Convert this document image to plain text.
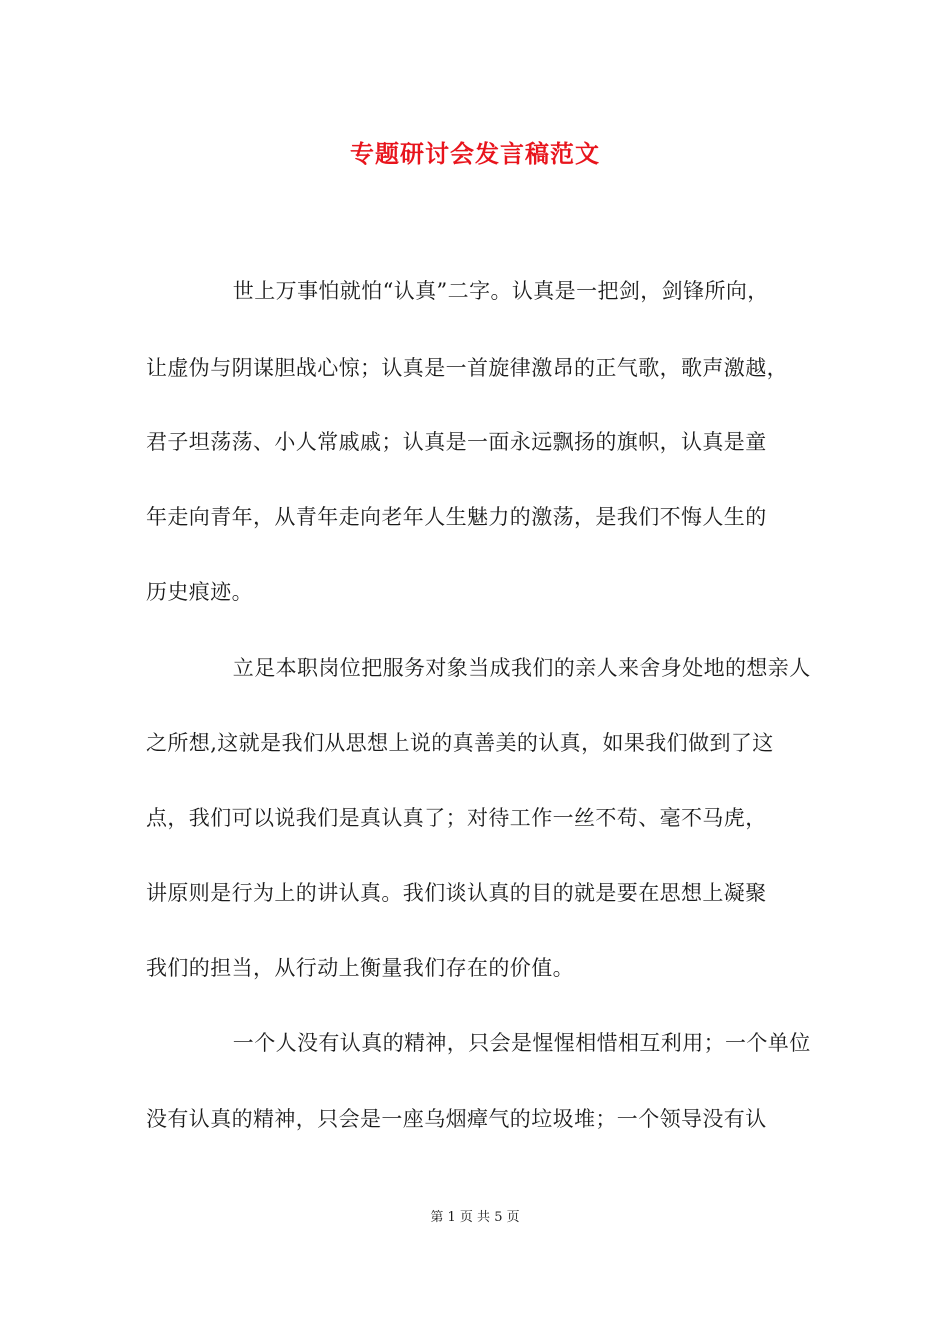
专题研讨会发言稿范文
　　世上万事怕就怕“认真”二字。认真是一把剑，剑锋所向，
让虚伪与阴谋胆战心惊；认真是一首旋律激昂的正气歌，歌声激越，
君子坦荡荡、小人常戚戚；认真是一面永远飘扬的旗帜，认真是童
年走向青年，从青年走向老年人生魅力的激荡，是我们不悔人生的
历史痕迹。
　　立足本职岗位把服务对象当成我们的亲人来舍身处地的想亲人
之所想,这就是我们从思想上说的真善美的认真，如果我们做到了这
点，我们可以说我们是真认真了；对待工作一丝不苟、毫不马虎，
讲原则是行为上的讲认真。我们谈认真的目的就是要在思想上凝聚
我们的担当，从行动上衡量我们存在的价值。
　　一个人没有认真的精神，只会是惺惺相惜相互利用；一个单位
没有认真的精神，只会是一座乌烟瘴气的垃圾堆；一个领导没有认
第 1 页 共 5 页
